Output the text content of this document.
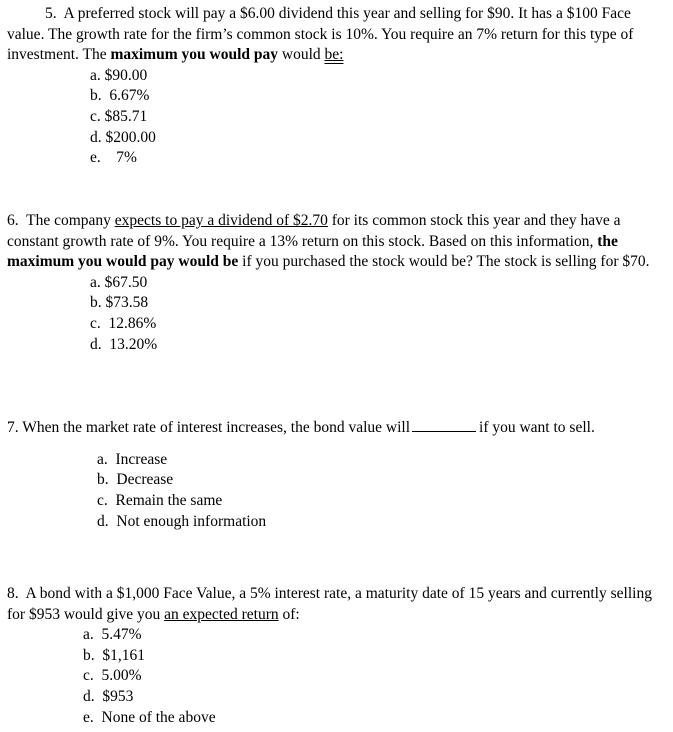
5. A preferred stock will pay a $6.00 dividend this year and selling for $90. It has a $100 Face value. The growth rate for the firm’s common stock is 10%. You require an 7% return for this type of investment. The maximum you would pay would be:

a. $90.00
b. 6.67%
c. $85.71
d. $200.00
e. 7%

6. The company expects to pay a dividend of $2.70 for its common stock this year and they have a constant growth rate of 9%. You require a 13% return on this stock. Based on this information, the maximum you would pay would be if you purchased the stock would be? The stock is selling for $70.

a. $67.50
b. $73.58
c. 12.86%
d. 13.20%

7. When the market rate of interest increases, the bond value will	if you want to sell.

a. Increase
b. Decrease
c. Remain the same
d. Not enough information

8. A bond with a $1,000 Face Value, a 5% interest rate, a maturity date of 15 years and currently selling for $953 would give you an expected return of:

a. 5.47%
b. $1,161
c. 5.00%
d. $953
e. None of the above
